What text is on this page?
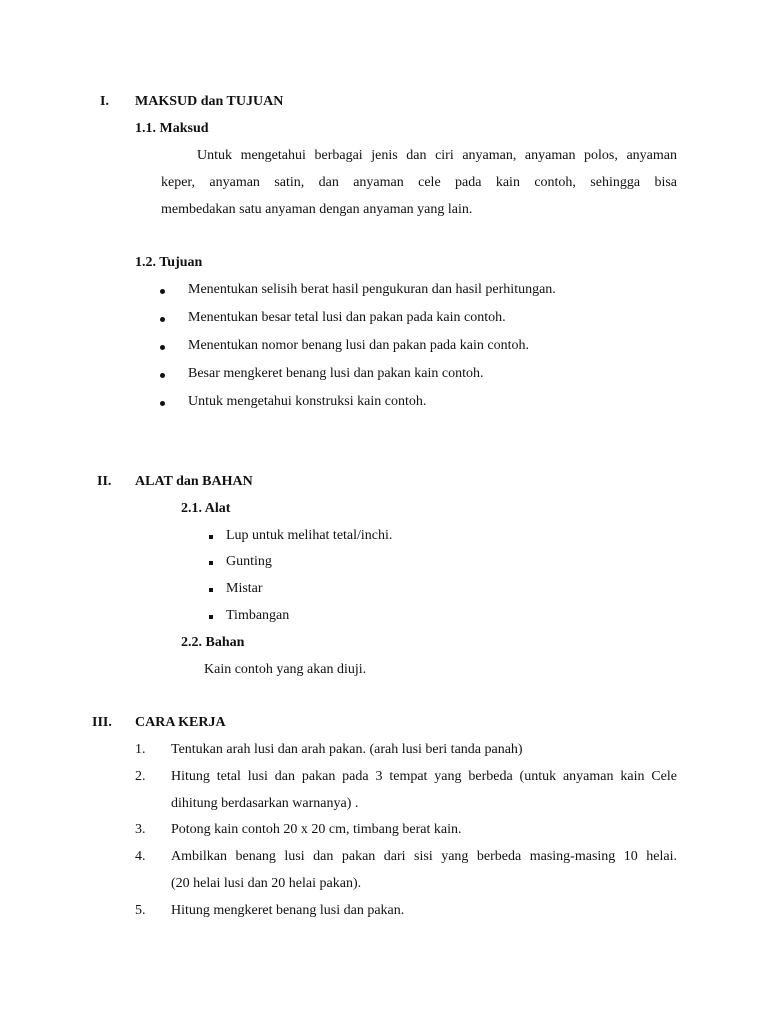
I. MAKSUD dan TUJUAN
1.1. Maksud
Untuk mengetahui berbagai jenis dan ciri anyaman, anyaman polos, anyaman
keper, anyaman satin, dan anyaman cele pada kain contoh, sehingga bisa
membedakan satu anyaman dengan anyaman yang lain.
1.2. Tujuan
Menentukan selisih berat hasil pengukuran dan hasil perhitungan.
Menentukan besar tetal lusi dan pakan pada kain contoh.
Menentukan nomor benang lusi dan pakan pada kain contoh.
Besar mengkeret benang lusi dan pakan kain contoh.
Untuk mengetahui konstruksi kain contoh.
II. ALAT dan BAHAN
2.1. Alat
Lup untuk melihat tetal/inchi.
Gunting
Mistar
Timbangan
2.2. Bahan
Kain contoh yang akan diuji.
III. CARA KERJA
1. Tentukan arah lusi dan arah pakan. (arah lusi beri tanda panah)
2. Hitung tetal lusi dan pakan pada 3 tempat yang berbeda (untuk anyaman kain Cele
dihitung berdasarkan warnanya) .
3. Potong kain contoh 20 x 20 cm, timbang berat kain.
4. Ambilkan benang lusi dan pakan dari sisi yang berbeda masing-masing 10 helai.
(20 helai lusi dan 20 helai pakan).
5. Hitung mengkeret benang lusi dan pakan.
